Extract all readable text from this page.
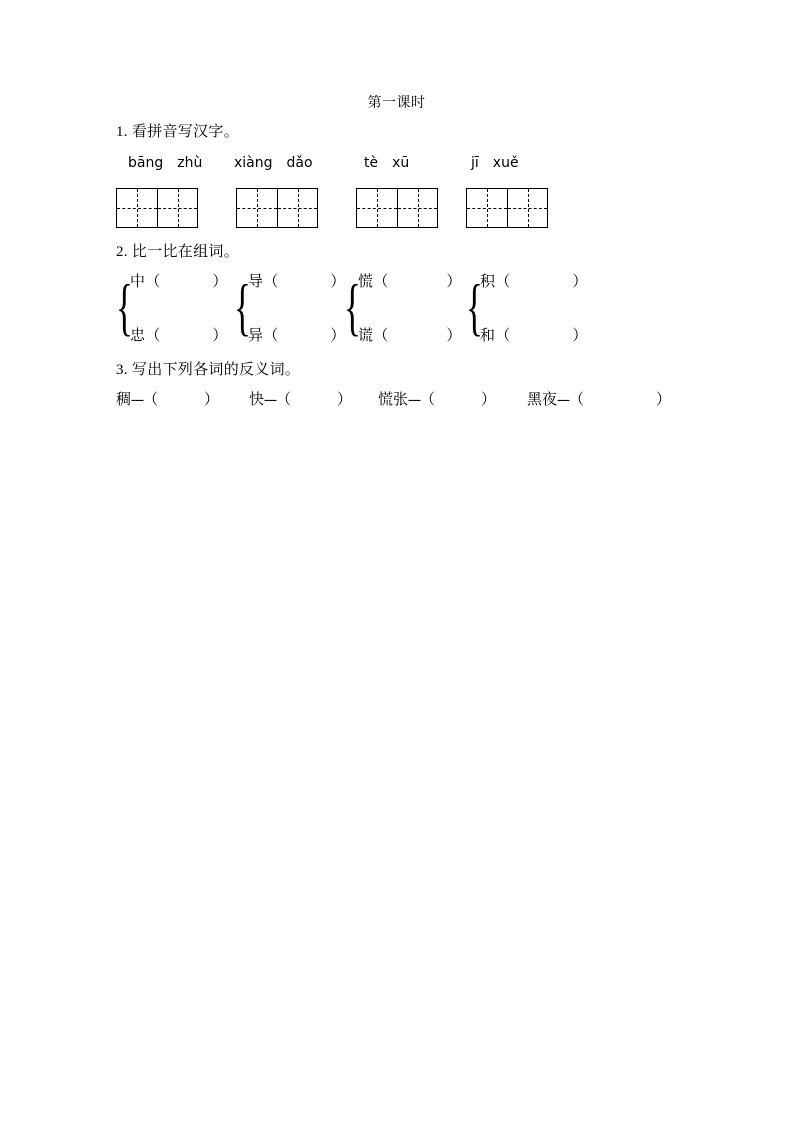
第一课时
1. 看拼音写汉字。
bāng zhù xiàng dǎo	tè xū	jī xuě
2. 比一比在组词。
{
中（	）
忠（	） {
导（	）
异（	）
{
慌（	）
谎（	） {
积（	）
和（	）
3. 写出下列各词的反义词。
稠---（	） 快---（	） 慌张---（	） 黑夜---（	）
